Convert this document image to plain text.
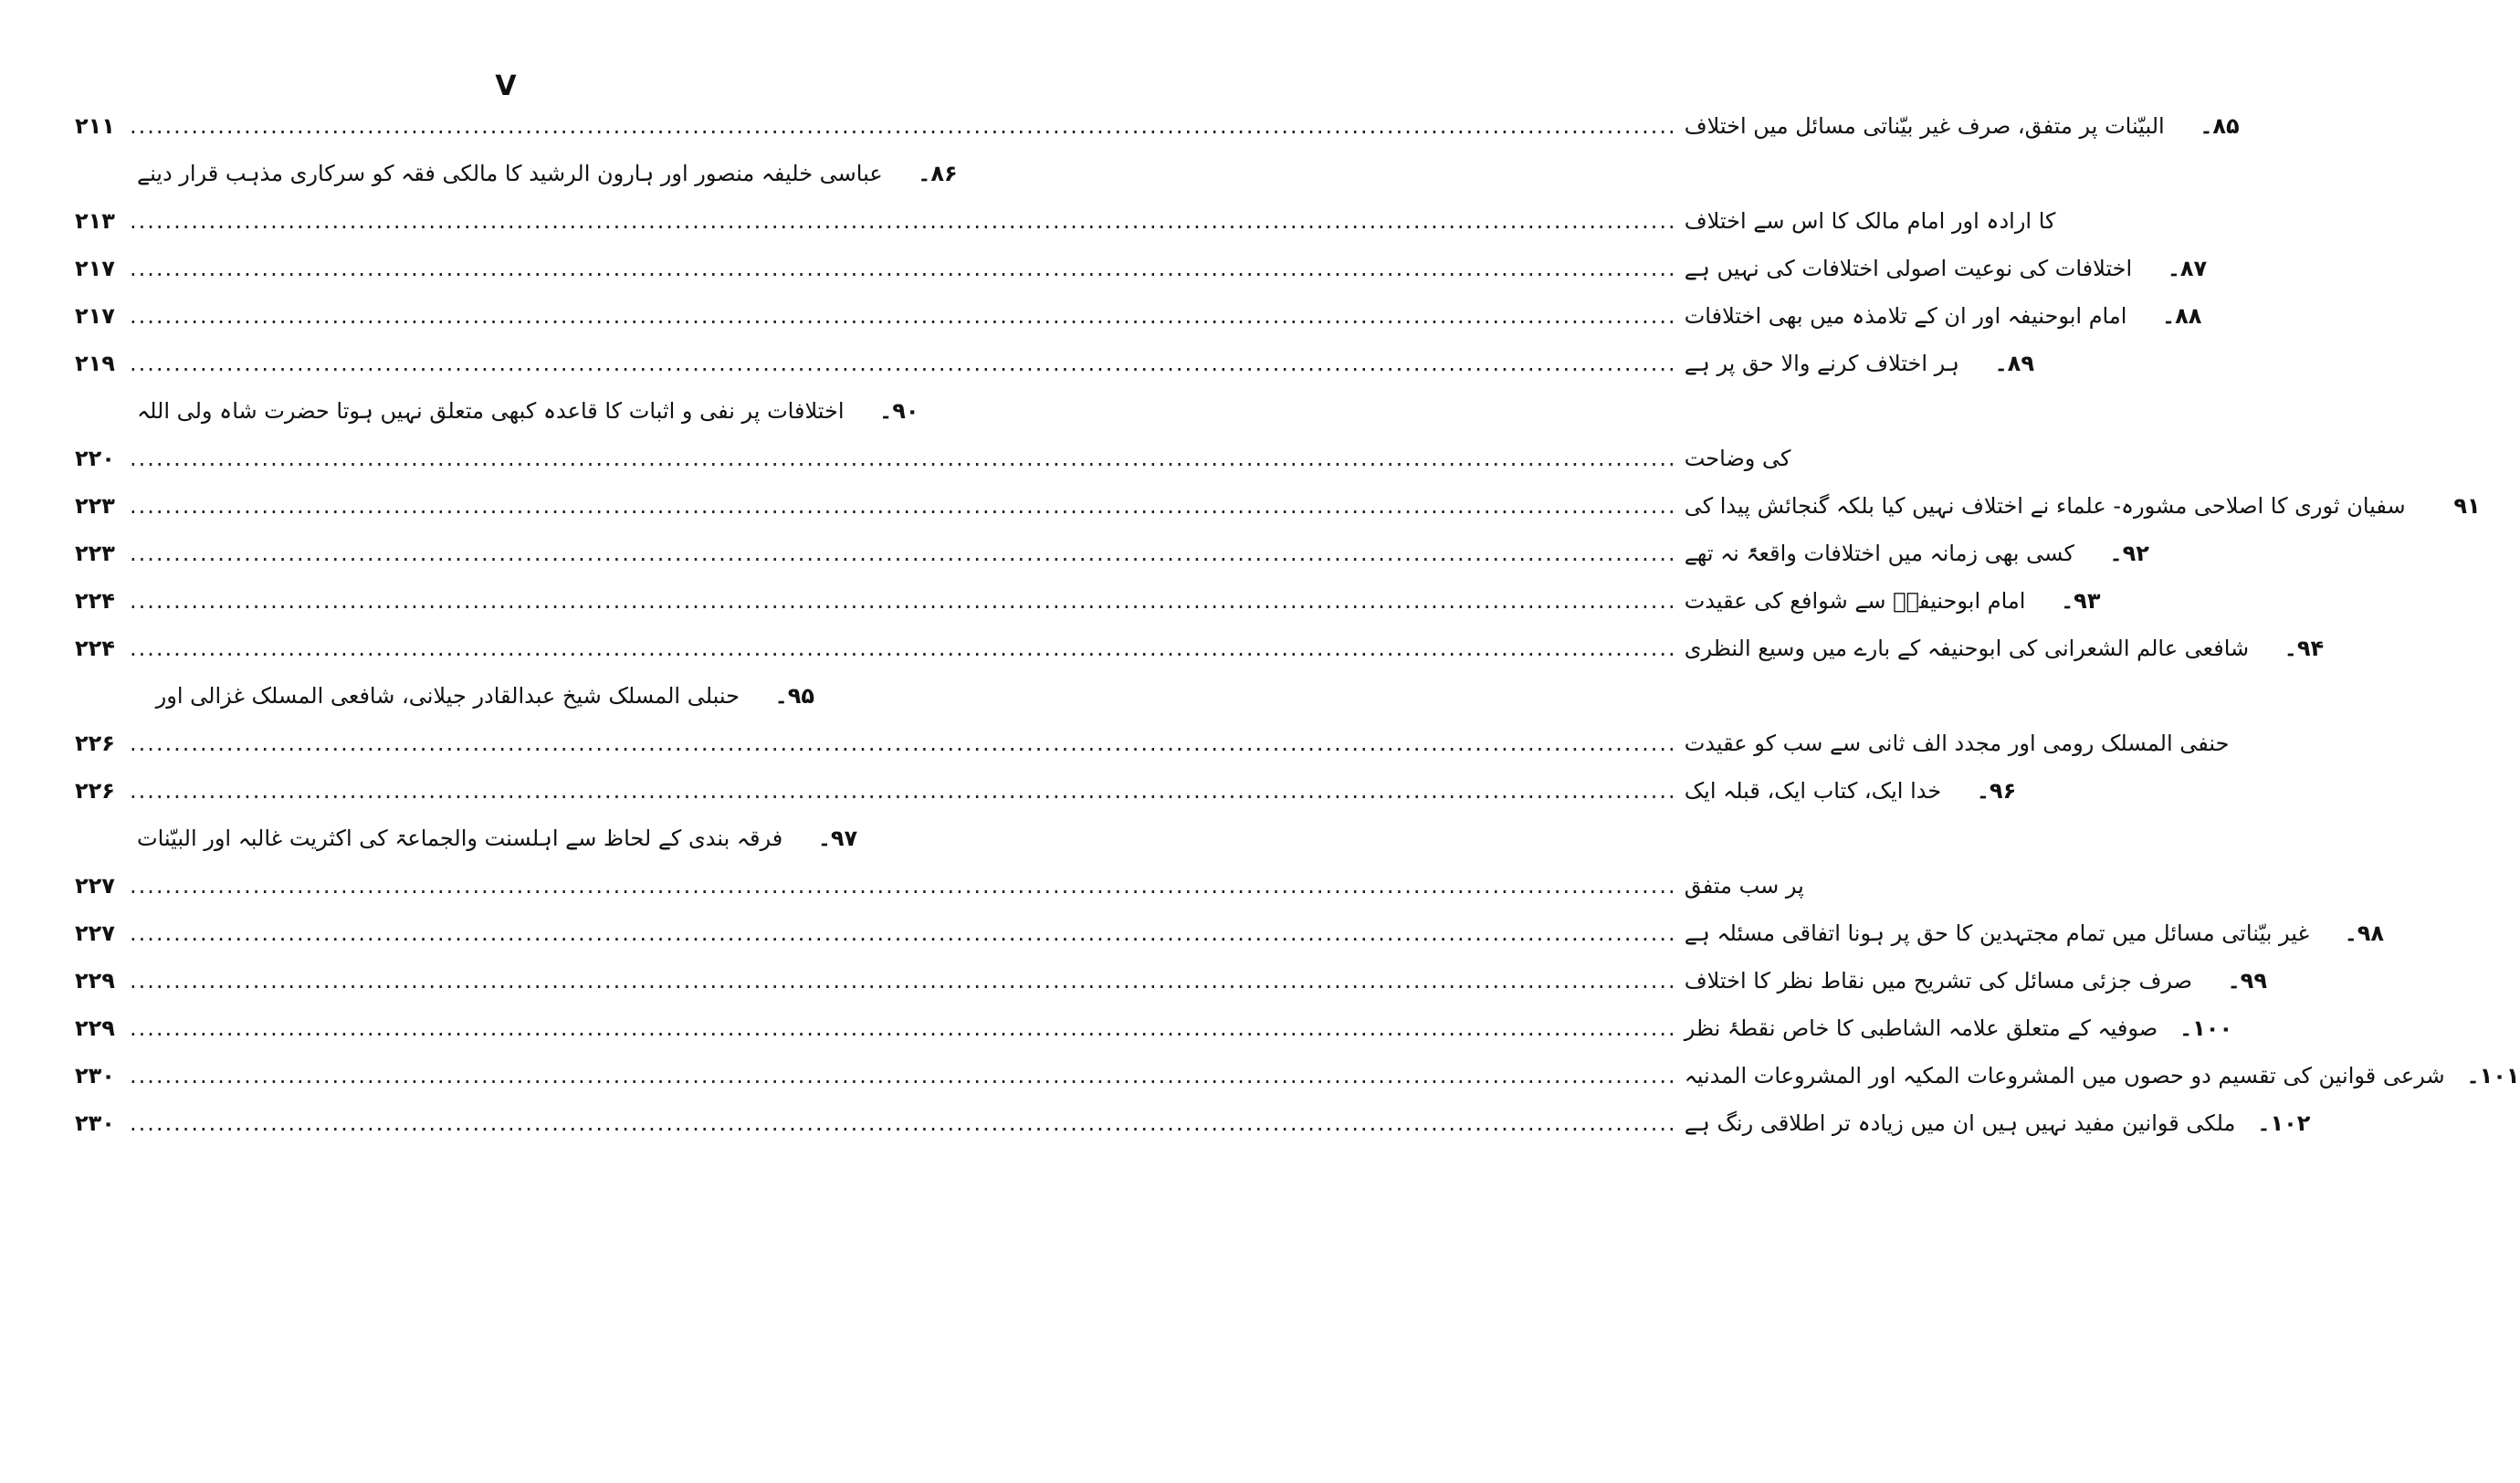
V
۲۱۱ .....	البیّنات پر متفق، صرف غیر بیّناتی مسائل میں اختلاف	۸۵۔
عباسی خلیفہ منصور اور ہارون الرشید کا مالکی فقہ کو سرکاری مذہب قرار دینے	۸۶۔
۲۱۳ .....	کا ارادہ اور امام مالک کا اس سے اختلاف
۲۱۷ .....	اختلافات کی نوعیت اصولی اختلافات کی نہیں ہے	۸۷۔
۲۱۷ .....	امام ابوحنیفہ اور ان کے تلامذہ میں بھی اختلافات	۸۸۔
۲۱۹ .....	ہر اختلاف کرنے والا حق پر ہے	۸۹۔
اختلافات پر نفی و اثبات کا قاعدہ کبھی متعلق نہیں ہوتا حضرت شاہ ولی اللہ	۹۰۔
۲۲۰ .....	کی وضاحت
۲۲۳ .....	سفیان ثوری کا اصلاحی مشورہ- علماء نے اختلاف نہیں کیا بلکہ گنجائش پیدا کی	۹۱
۲۲۳ .....	کسی بھی زمانہ میں اختلافات واقعۃً نہ تھے	۹۲۔
۲۲۴ .....	امام ابوحنیفہؒ سے شوافع کی عقیدت	۹۳۔
۲۲۴ .....	شافعی عالم الشعرانی کی ابوحنیفہ کے بارے میں وسیع النظری	۹۴۔
حنبلی المسلک شیخ عبدالقادر جیلانی، شافعی المسلک غزالی اور	۹۵۔
۲۲۶ .....	حنفی المسلک رومی اور مجدد الف ثانی سے سب کو عقیدت
۲۲۶ .....	خدا ایک، کتاب ایک، قبلہ ایک	۹۶۔
فرقہ بندی کے لحاظ سے اہلسنت والجماعۃ کی اکثریت غالبہ اور البیّنات	۹۷۔
۲۲۷ .....	پر سب متفق
۲۲۷ .....	غیر بیّناتی مسائل میں تمام مجتہدین کا حق پر ہونا اتفاقی مسئلہ ہے	۹۸۔
۲۲۹ .....	صرف جزئی مسائل کی تشریح میں نقاط نظر کا اختلاف	۹۹۔
۲۲۹ .....	صوفیہ کے متعلق علامہ الشاطبی کا خاص نقطۂ نظر ۱۰۰۔
۲۳۰ .....	شرعی قوانین کی تقسیم دو حصوں میں المشروعات المکیہ اور المشروعات المدنیہ ۱۰۱۔
۲۳۰ .....	ملکی قوانین مفید نہیں ہیں ان میں زیادہ تر اطلاقی رنگ ہے ۱۰۲۔
